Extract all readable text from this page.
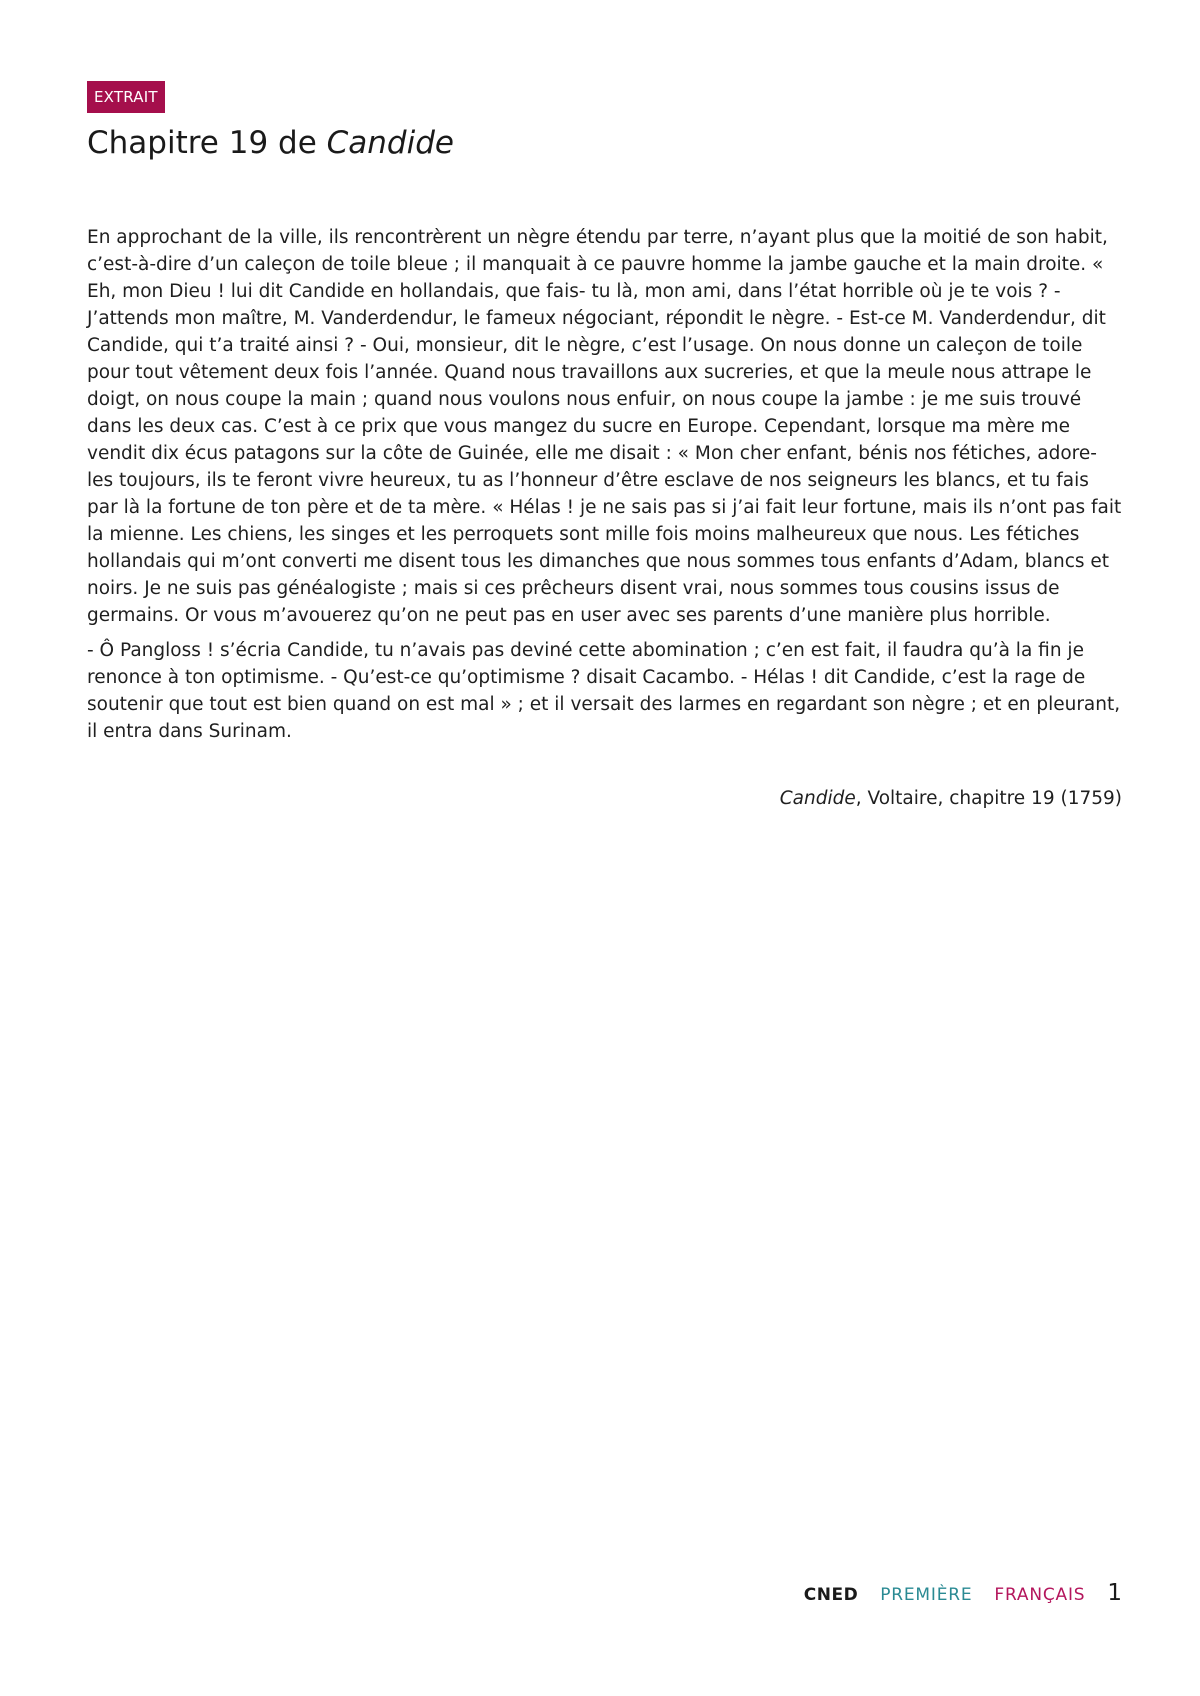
EXTRAIT
Chapitre 19 de Candide

En approchant de la ville, ils rencontrèrent un nègre étendu par terre, n’ayant plus que la moitié de son habit, c’est-à-dire d’un caleçon de toile bleue ; il manquait à ce pauvre homme la jambe gauche et la main droite. « Eh, mon Dieu ! lui dit Candide en hollandais, que fais- tu là, mon ami, dans l’état horrible où je te vois ? - J’attends mon maître, M. Vanderdendur, le fameux négociant, répondit le nègre. - Est-ce M. Vanderdendur, dit Candide, qui t’a traité ainsi ? - Oui, monsieur, dit le nègre, c’est l’usage. On nous donne un caleçon de toile pour tout vêtement deux fois l’année. Quand nous travaillons aux sucreries, et que la meule nous attrape le doigt, on nous coupe la main ; quand nous voulons nous enfuir, on nous coupe la jambe : je me suis trouvé dans les deux cas. C’est à ce prix que vous mangez du sucre en Europe. Cependant, lorsque ma mère me vendit dix écus patagons sur la côte de Guinée, elle me disait : « Mon cher enfant, bénis nos fétiches, adore-les toujours, ils te feront vivre heureux, tu as l’honneur d’être esclave de nos seigneurs les blancs, et tu fais par là la fortune de ton père et de ta mère. « Hélas ! je ne sais pas si j’ai fait leur fortune, mais ils n’ont pas fait la mienne. Les chiens, les singes et les perroquets sont mille fois moins malheureux que nous. Les fétiches hollandais qui m’ont converti me disent tous les dimanches que nous sommes tous enfants d’Adam, blancs et noirs. Je ne suis pas généalogiste ; mais si ces prêcheurs disent vrai, nous sommes tous cousins issus de germains. Or vous m’avouerez qu’on ne peut pas en user avec ses parents d’une manière plus horrible.

- Ô Pangloss ! s’écria Candide, tu n’avais pas deviné cette abomination ; c’en est fait, il faudra qu’à la fin je renonce à ton optimisme. - Qu’est-ce qu’optimisme ? disait Cacambo. - Hélas ! dit Candide, c’est la rage de soutenir que tout est bien quand on est mal » ; et il versait des larmes en regardant son nègre ; et en pleurant, il entra dans Surinam.

Candide, Voltaire, chapitre 19 (1759)
CNED PREMIÈRE FRANÇAIS 1
